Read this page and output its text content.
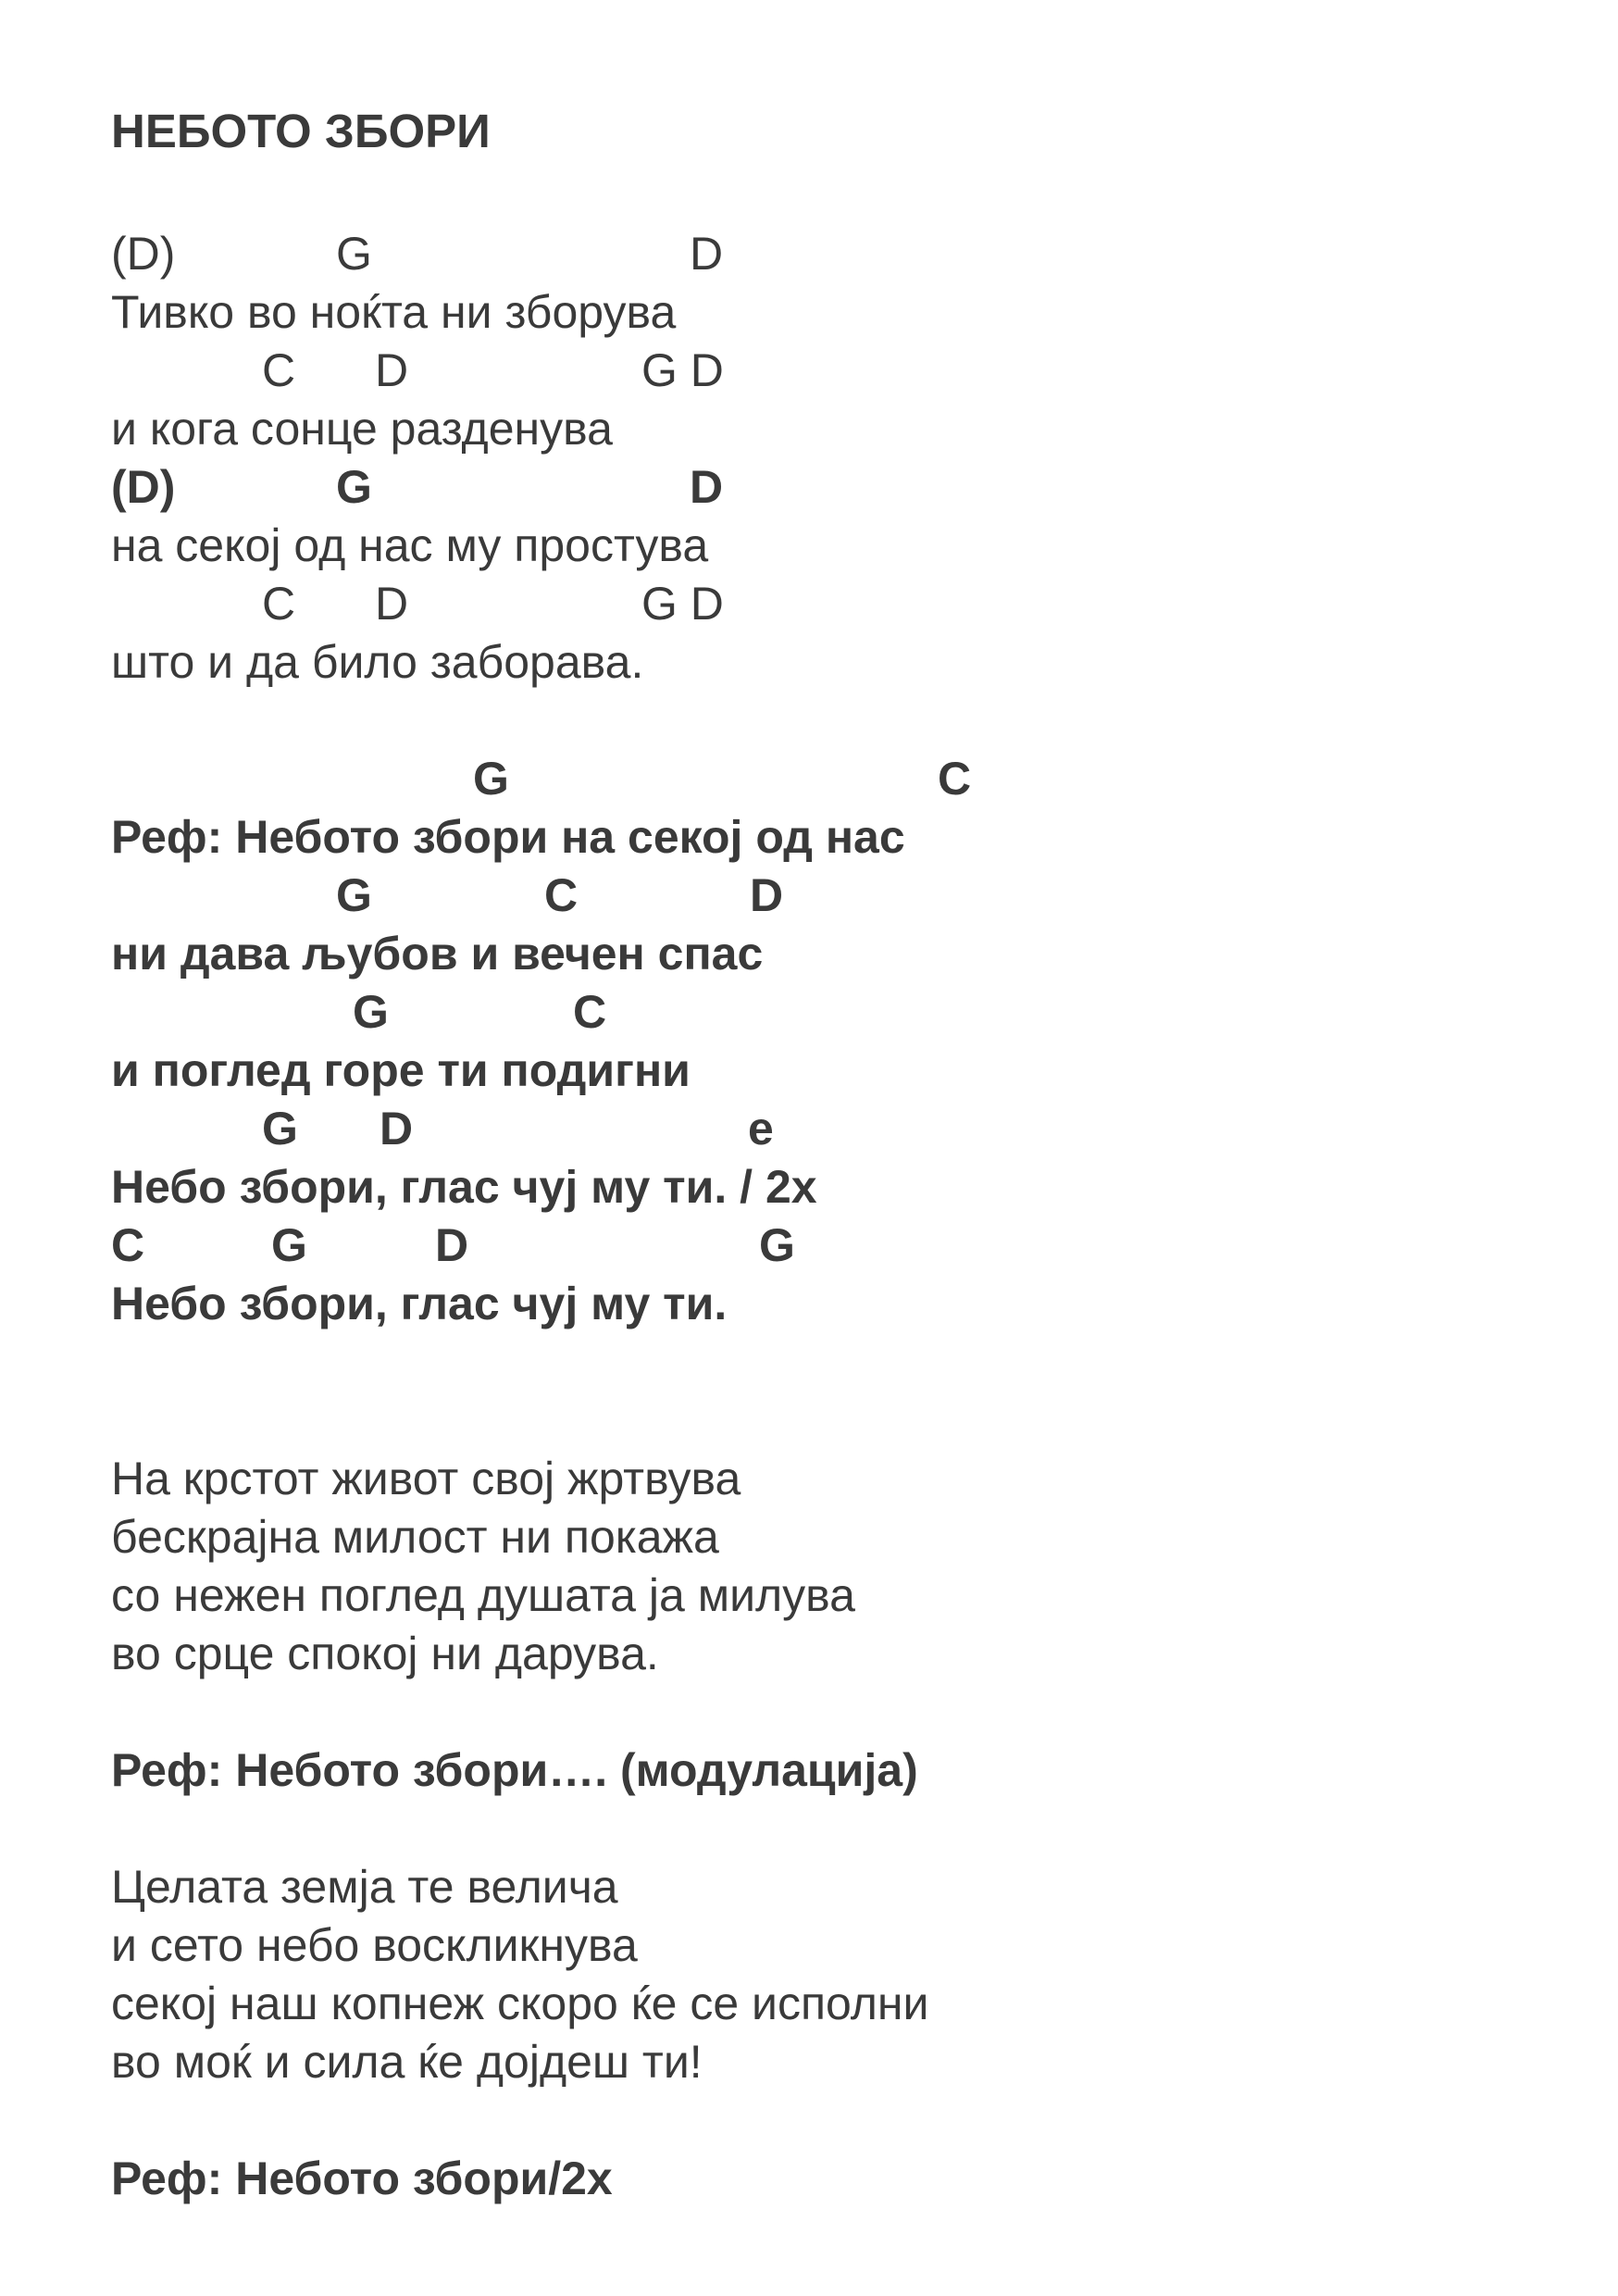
НЕБОТО ЗБОРИ
(D)	G	D
Тивко во ноќта ни зборува
C D	G D
и кога сонце разденува
(D)	G	D
на секој од нас му простува
C D	G D
што и да било заборава.
G	C
Реф: Небото збори на секој од нас
G	C	D
ни дава љубов и вечен спас
G	C
и поглед горе ти подигни
G D	e
Небо збори, глас чуј му ти. / 2x
C	G	D	G
Небо збори, глас чуј му ти.
На крстот живот свој жртвува
бескрајна милост ни покажа
со нежен поглед душата ја милува
во срце спокој ни дарува.
Реф: Небото збори…. (модулација)
Целата земја те велича
и сето небо воскликнува
секој наш копнеж скоро ќе се исполни
во моќ и сила ќе дојдеш ти!
Реф: Небото збори/2х
